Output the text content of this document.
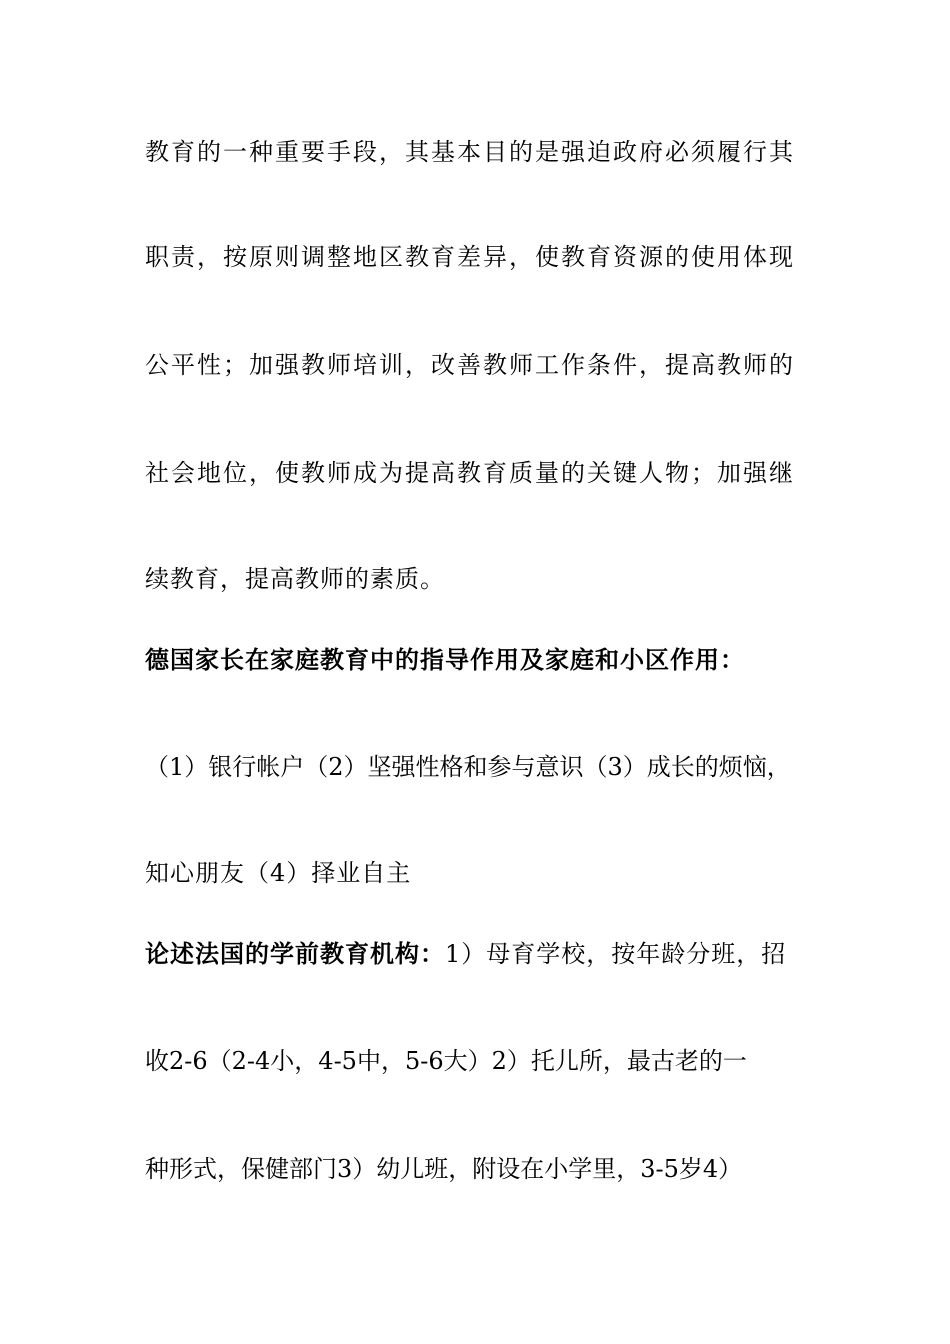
教育的一种重要手段，其基本目的是强迫政府必须履行其
职责，按原则调整地区教育差异，使教育资源的使用体现
公平性；加强教师培训，改善教师工作条件，提高教师的
社会地位，使教师成为提高教育质量的关键人物；加强继
续教育，提高教师的素质。
德国家长在家庭教育中的指导作用及家庭和小区作用：
（1）银行帐户（2）坚强性格和参与意识（3）成长的烦恼，
知心朋友（4）择业自主
论述法国的学前教育机构：1）母育学校，按年龄分班，招
收2-6（2-4小，4-5中，5-6大）2）托儿所，最古老的一
种形式，保健部门3）幼儿班，附设在小学里，3-5岁4）
